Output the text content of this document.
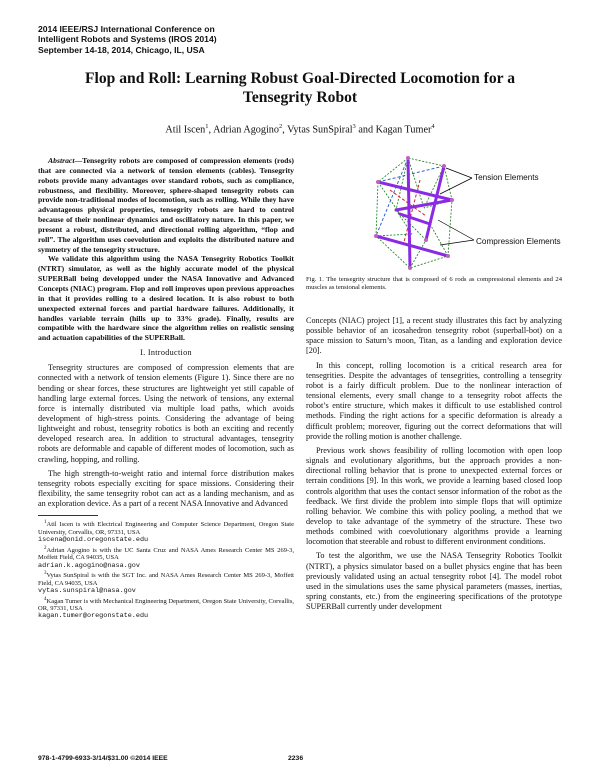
2014 IEEE/RSJ International Conference on
Intelligent Robots and Systems (IROS 2014)
September 14-18, 2014, Chicago, IL, USA
Flop and Roll: Learning Robust Goal-Directed Locomotion for a
Tensegrity Robot
Atil Iscen$^1$, Adrian Agogino$^2$, Vytas SunSpiral$^3$ and Kagan Tumer$^4$

Abstract—Tensegrity robots are composed of compression elements (rods) that are connected via a network of tension elements (cables). Tensegrity robots provide many advantages over standard robots, such as compliance, robustness, and flexibility. Moreover, sphere-shaped tensegrity robots can provide non-traditional modes of locomotion, such as rolling. While they have advantageous physical properties, tensegrity robots are hard to control because of their nonlinear dynamics and oscillatory nature. In this paper, we present a robust, distributed, and directional rolling algorithm, “flop and roll”. The algorithm uses coevolution and exploits the distributed nature and symmetry of the tensegrity structure.

We validate this algorithm using the NASA Tensegrity Robotics Toolkit (NTRT) simulator, as well as the highly accurate model of the physical SUPERBall being developped under the NASA Innovative and Advanced Concepts (NIAC) program. Flop and roll improves upon previous approaches in that it provides rolling to a desired location. It is also robust to both unexpected external forces and partial hardware failures. Additionally, it handles variable terrain (hills up to 33% grade). Finally, results are compatible with the hardware since the algorithm relies on realistic sensing and actuation capabilities of the SUPERBall.

I. Introduction

Tensegrity structures are composed of compression elements that are connected with a network of tension elements (Figure 1). Since there are no bending or shear forces, these structures are lightweight yet still capable of handling large external forces. Using the network of tensions, any external force is internally distributed via multiple load paths, which avoids development of high-stress points. Considering the advantage of being lightweight and robust, tensegrity robotics is both an exciting and recently developed research area. In addition to structural advantages, tensegrity robots are deformable and capable of different modes of locomotion, such as crawling, hopping, and rolling.

The high strength-to-weight ratio and internal force distribution makes tensegrity robots especially exciting for space missions. Considering their flexibility, the same tensegrity robot can act as a landing mechanism, and as an exploration device. As a part of a recent NASA Innovative and Advanced

$^1$Atil Iscen is with Electrical Engineering and Computer Science Department, Oregon State University, Corvallis, OR, 97331, USA
iscena@onid.oregonstate.edu

$^2$Adrian Agogino is with the UC Santa Cruz and NASA Ames Research Center MS 269-3, Moffett Field, CA 94035, USA
adrian.k.agogino@nasa.gov

$^3$Vytas SunSpiral is with the SGT Inc. and NASA Ames Research Center MS 269-3, Moffett Field, CA 94035, USA
vytas.sunspiral@nasa.gov

$^4$Kagan Tumer is with Mechanical Engineering Department, Oregon State University, Corvallis, OR, 97331, USA
kagan.tumer@oregonstate.edu

Tension Elements
Compression Elements
Fig. 1. The tensegrity structure that is composed of 6 rods as compressional elements and 24 muscles as tensional elements.

Concepts (NIAC) project [1], a recent study illustrates this fact by analyzing possible behavior of an icosahedron tensegrity robot (superball-bot) on a space mission to Saturn’s moon, Titan, as a landing and exploration device [20].

In this concept, rolling locomotion is a critical research area for tensegrities. Despite the advantages of tensegrities, controlling a tensegrity robot is a fairly difficult problem. Due to the nonlinear interaction of tensional elements, every small change to a tensegrity robot affects the robot’s entire structure, which makes it difficult to use established control methods. Finding the right actions for a specific deformation is already a difficult problem; moreover, figuring out the correct deformations that will provide the rolling motion is another challenge.

Previous work shows feasibility of rolling locomotion with open loop signals and evolutionary algorithms, but the approach provides a non-directional rolling behavior that is prone to unexpected external forces or terrain conditions [9]. In this work, we provide a learning based closed loop controls algorithm that uses the contact sensor information of the robot as the feedback. We first divide the problem into simple flops that will optimize rolling behavior. We combine this with policy pooling, a method that we develop to take advantage of the symmetry of the structure. These two methods combined with coevolutionary algorithms provide a learning locomotion that steerable and robust to different environment conditions.

To test the algorithm, we use the NASA Tensegrity Robotics Toolkit (NTRT), a physics simulator based on a bullet physics engine that has been previously validated using an actual tensegrity robot [4]. The model robot used in the simulations uses the same physical parameters (masses, inertias, spring constants, etc.) from the engineering specifications of the prototype SUPERBall currently under development

978-1-4799-6933-3/14/$31.00 ©2014 IEEE	2236
